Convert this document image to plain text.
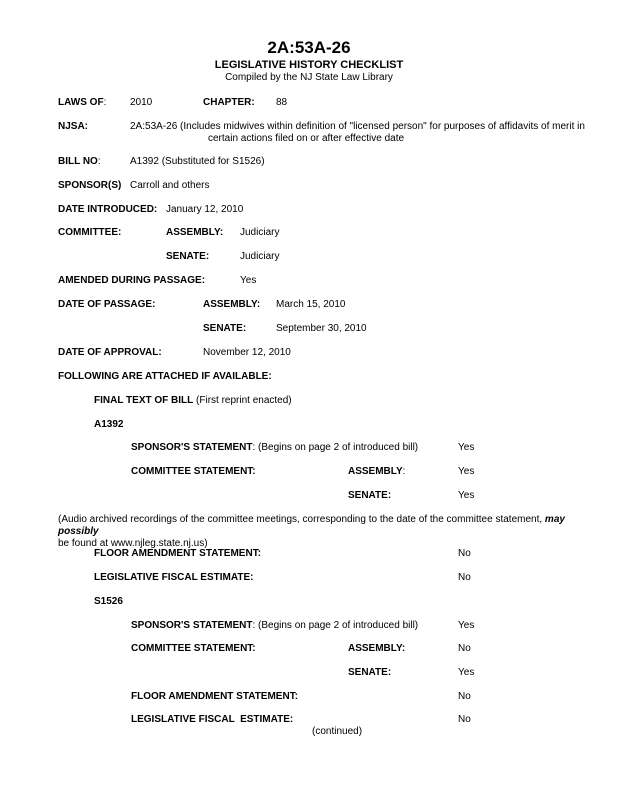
2A:53A-26
LEGISLATIVE HISTORY CHECKLIST
Compiled by the NJ State Law Library
LAWS OF: 2010	CHAPTER: 88
NJSA:	2A:53A-26 (Includes midwives within definition of "licensed person" for purposes of affidavits of merit in
certain actions filed on or after effective date
BILL NO:	A1392 (Substituted for S1526)
SPONSOR(S) Carroll and others
DATE INTRODUCED: January 12, 2010
COMMITTEE:	ASSEMBLY: Judiciary
SENATE:	Judiciary
AMENDED DURING PASSAGE:	Yes
DATE OF PASSAGE:	ASSEMBLY: March 15, 2010
SENATE:	September 30, 2010
DATE OF APPROVAL:	November 12, 2010
FOLLOWING ARE ATTACHED IF AVAILABLE:
FINAL TEXT OF BILL (First reprint enacted)
A1392
SPONSOR'S STATEMENT: (Begins on page 2 of introduced bill)	Yes
COMMITTEE STATEMENT:	ASSEMBLY:	Yes
SENATE:	Yes
(Audio archived recordings of the committee meetings, corresponding to the date of the committee statement, may possibly
be found at www.njleg.state.nj.us)
FLOOR AMENDMENT STATEMENT:	No
LEGISLATIVE FISCAL ESTIMATE:	No
S1526
SPONSOR'S STATEMENT: (Begins on page 2 of introduced bill)	Yes
COMMITTEE STATEMENT:	ASSEMBLY:	No
SENATE:	Yes
FLOOR AMENDMENT STATEMENT:	No
LEGISLATIVE FISCAL  ESTIMATE:	No
(continued)
